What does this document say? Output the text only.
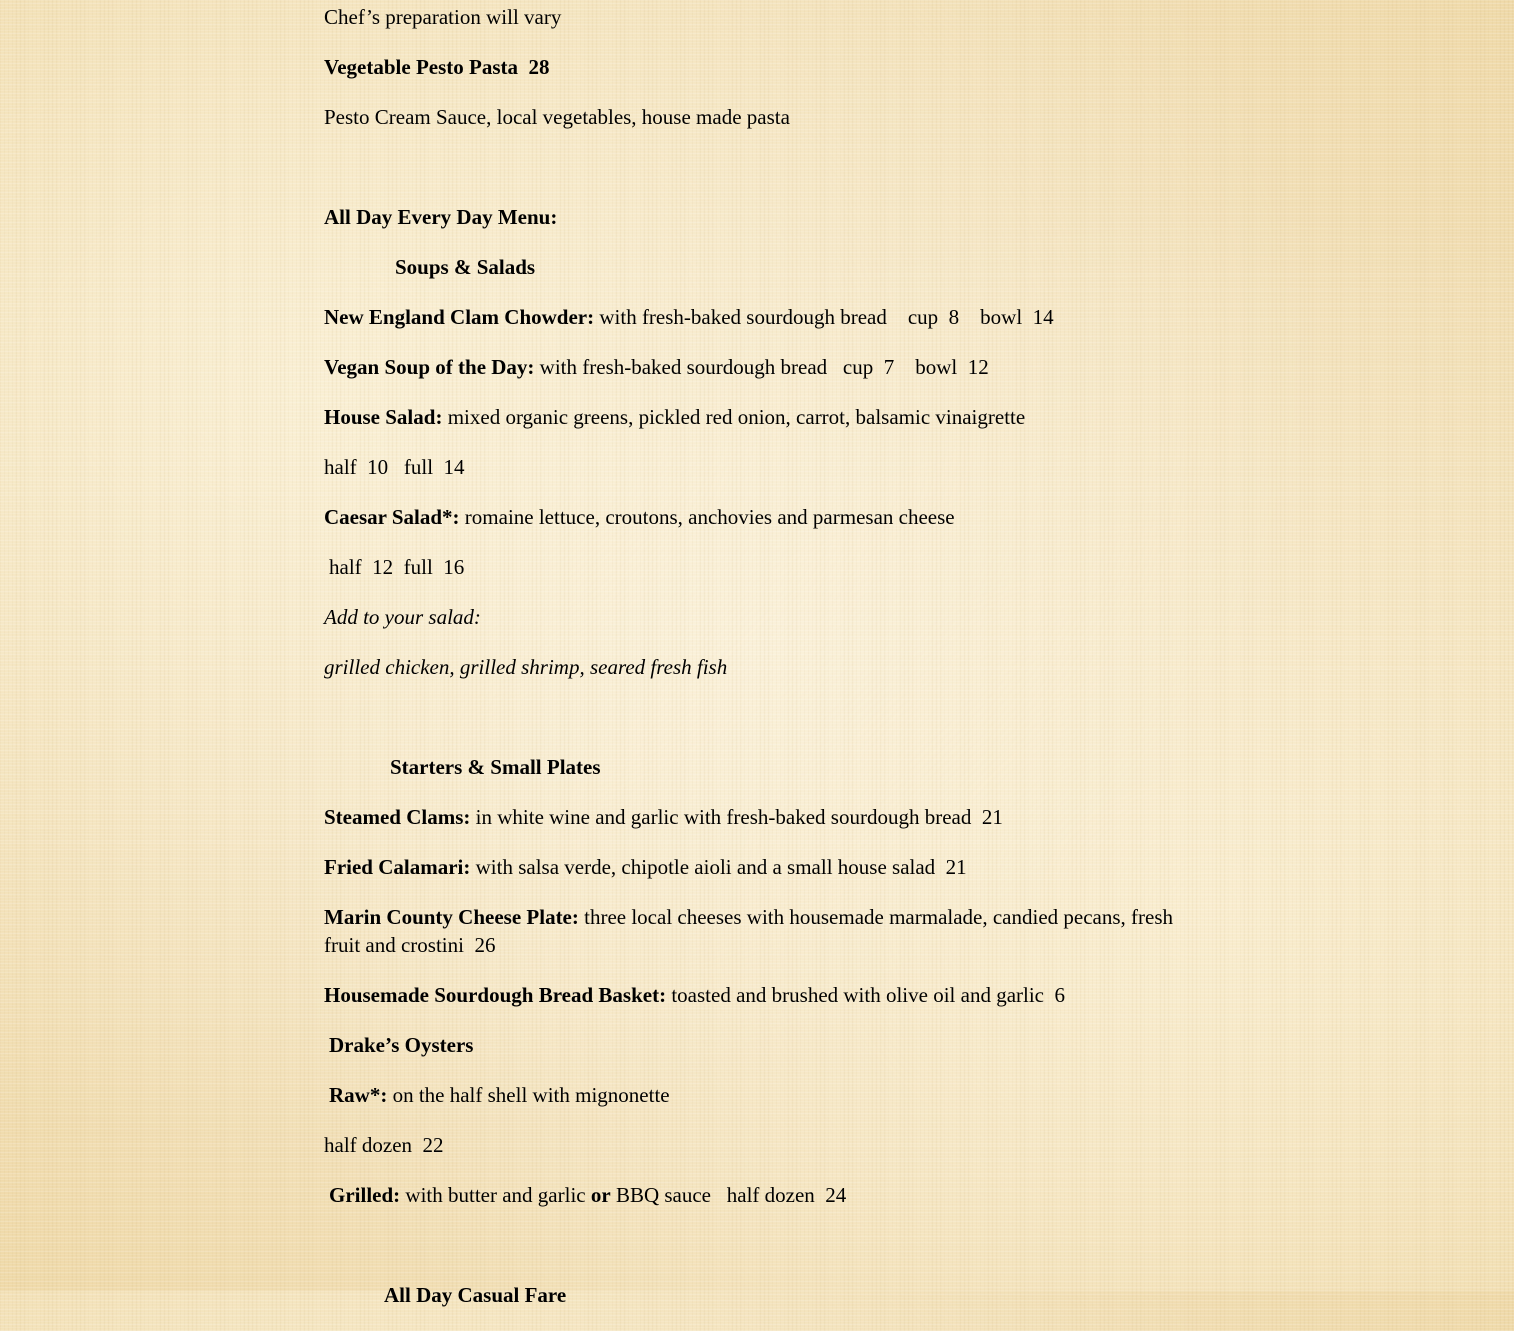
Chef’s preparation will vary
Vegetable Pesto Pasta  28
Pesto Cream Sauce, local vegetables, house made pasta
All Day Every Day Menu:
Soups & Salads
New England Clam Chowder: with fresh-baked sourdough bread    cup  8    bowl  14
Vegan Soup of the Day: with fresh-baked sourdough bread   cup  7    bowl  12
House Salad: mixed organic greens, pickled red onion, carrot, balsamic vinaigrette
half  10   full  14
Caesar Salad*: romaine lettuce, croutons, anchovies and parmesan cheese
half  12  full  16
Add to your salad:
grilled chicken, grilled shrimp, seared fresh fish
Starters & Small Plates
Steamed Clams: in white wine and garlic with fresh-baked sourdough bread  21
Fried Calamari: with salsa verde, chipotle aioli and a small house salad  21
Marin County Cheese Plate: three local cheeses with housemade marmalade, candied pecans, fresh fruit and crostini  26
Housemade Sourdough Bread Basket: toasted and brushed with olive oil and garlic  6
Drake’s Oysters
Raw*: on the half shell with mignonette
half dozen  22
Grilled: with butter and garlic or BBQ sauce   half dozen  24
All Day Casual Fare
